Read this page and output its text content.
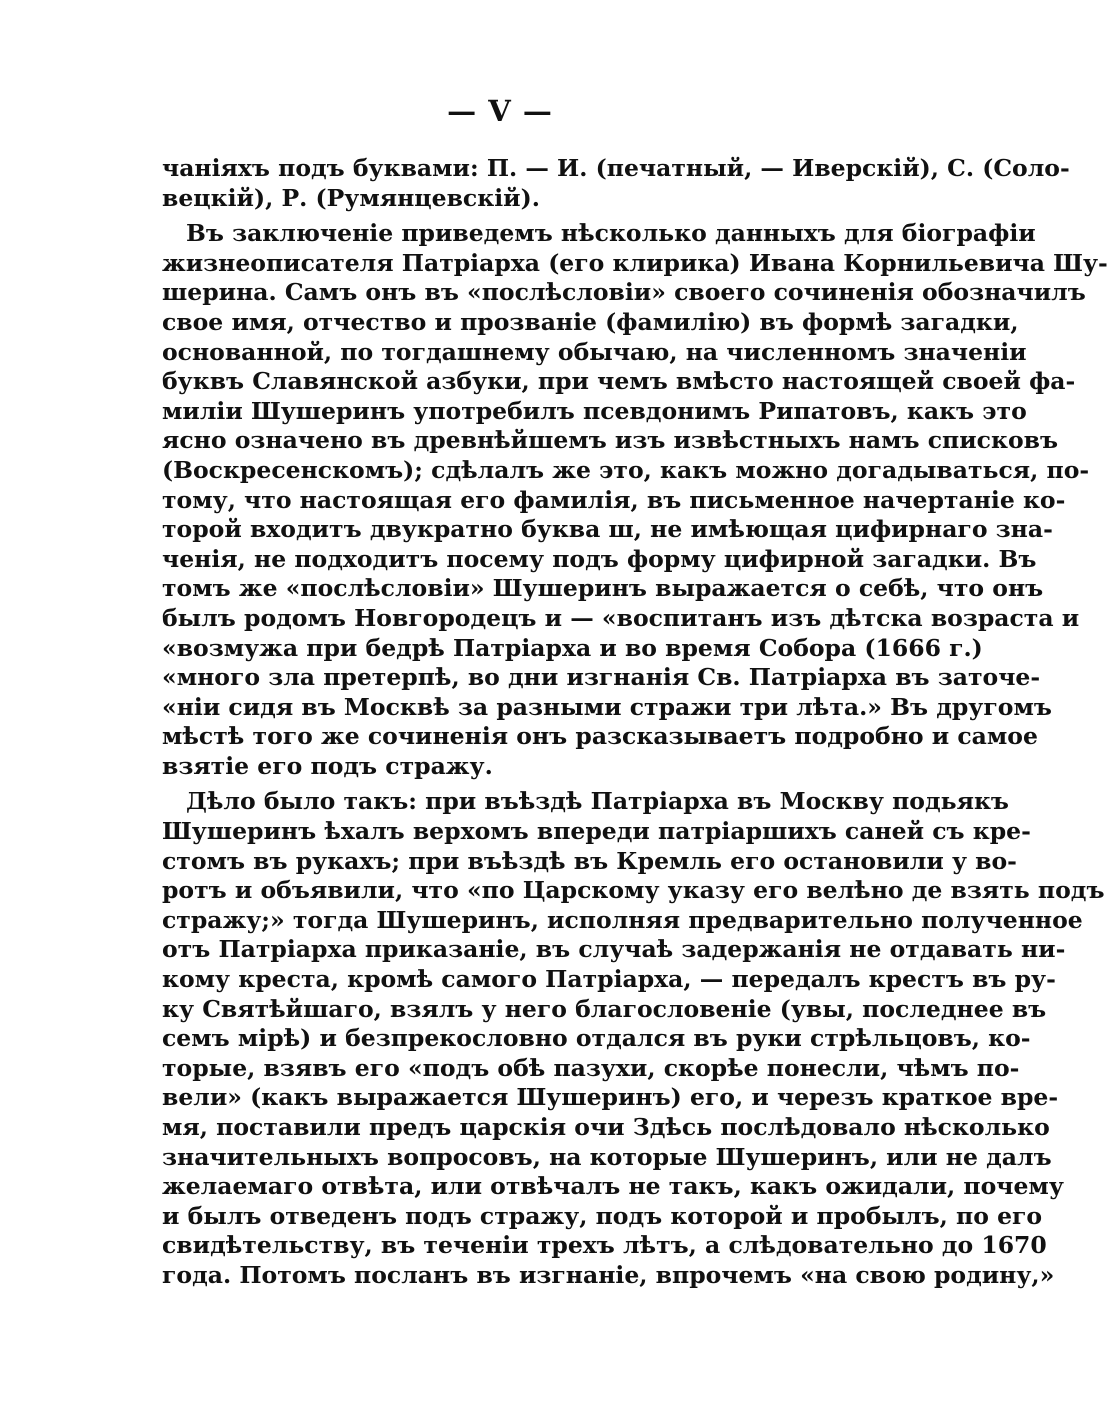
— V —
чаніяхъ подъ буквами: П. — И. (печатный, — Иверскій), С. (Соло-
вецкій), Р. (Румянцевскій).
Въ заключеніе приведемъ нѣсколько данныхъ для біографіи
жизнеописателя Патріарха (его клирика) Ивана Корнильевича Шу-
шерина. Самъ онъ въ «послѣсловіи» своего сочиненія обозначилъ
свое имя, отчество и прозваніе (фамилію) въ формѣ загадки,
основанной, по тогдашнему обычаю, на численномъ значеніи
буквъ Славянской азбуки, при чемъ вмѣсто настоящей своей фа-
миліи Шушеринъ употребилъ псевдонимъ Рипатовъ, какъ это
ясно означено въ древнѣйшемъ изъ извѣстныхъ намъ списковъ
(Воскресенскомъ); сдѣлалъ же это, какъ можно догадываться, по-
тому, что настоящая его фамилія, въ письменное начертаніе ко-
торой входитъ двукратно буква ш, не имѣющая цифирнаго зна-
ченія, не подходитъ посему подъ форму цифирной загадки. Въ
томъ же «послѣсловіи» Шушеринъ выражается о себѣ, что онъ
былъ родомъ Новгородецъ и — «воспитанъ изъ дѣтска возраста и
«возмужа при бедрѣ Патріарха и во время Собора (1666 г.)
«много зла претерпѣ, во дни изгнанія Св. Патріарха въ заточе-
«ніи сидя въ Москвѣ за разными стражи три лѣта.» Въ другомъ
мѣстѣ того же сочиненія онъ разсказываетъ подробно и самое
взятіе его подъ стражу.
Дѣло было такъ: при въѣздѣ Патріарха въ Москву подьякъ
Шушеринъ ѣхалъ верхомъ впереди патріаршихъ саней съ кре-
стомъ въ рукахъ; при въѣздѣ въ Кремль его остановили у во-
ротъ и объявили, что «по Царскому указу его велѣно де взять подъ
стражу;» тогда Шушеринъ, исполняя предварительно полученное
отъ Патріарха приказаніе, въ случаѣ задержанія не отдавать ни-
кому креста, кромѣ самого Патріарха, — передалъ крестъ въ ру-
ку Святѣйшаго, взялъ у него благословеніе (увы, последнее въ
семъ мірѣ) и безпрекословно отдался въ руки стрѣльцовъ, ко-
торые, взявъ его «подъ обѣ пазухи, скорѣе понесли, чѣмъ по-
вели» (какъ выражается Шушеринъ) его, и черезъ краткое вре-
мя, поставили предъ царскія очи Здѣсь послѣдовало нѣсколько
значительныхъ вопросовъ, на которые Шушеринъ, или не далъ
желаемаго отвѣта, или отвѣчалъ не такъ, какъ ожидали, почему
и былъ отведенъ подъ стражу, подъ которой и пробылъ, по его
свидѣтельству, въ теченіи трехъ лѣтъ, а слѣдовательно до 1670
года. Потомъ посланъ въ изгнаніе, впрочемъ «на свою родину,»
